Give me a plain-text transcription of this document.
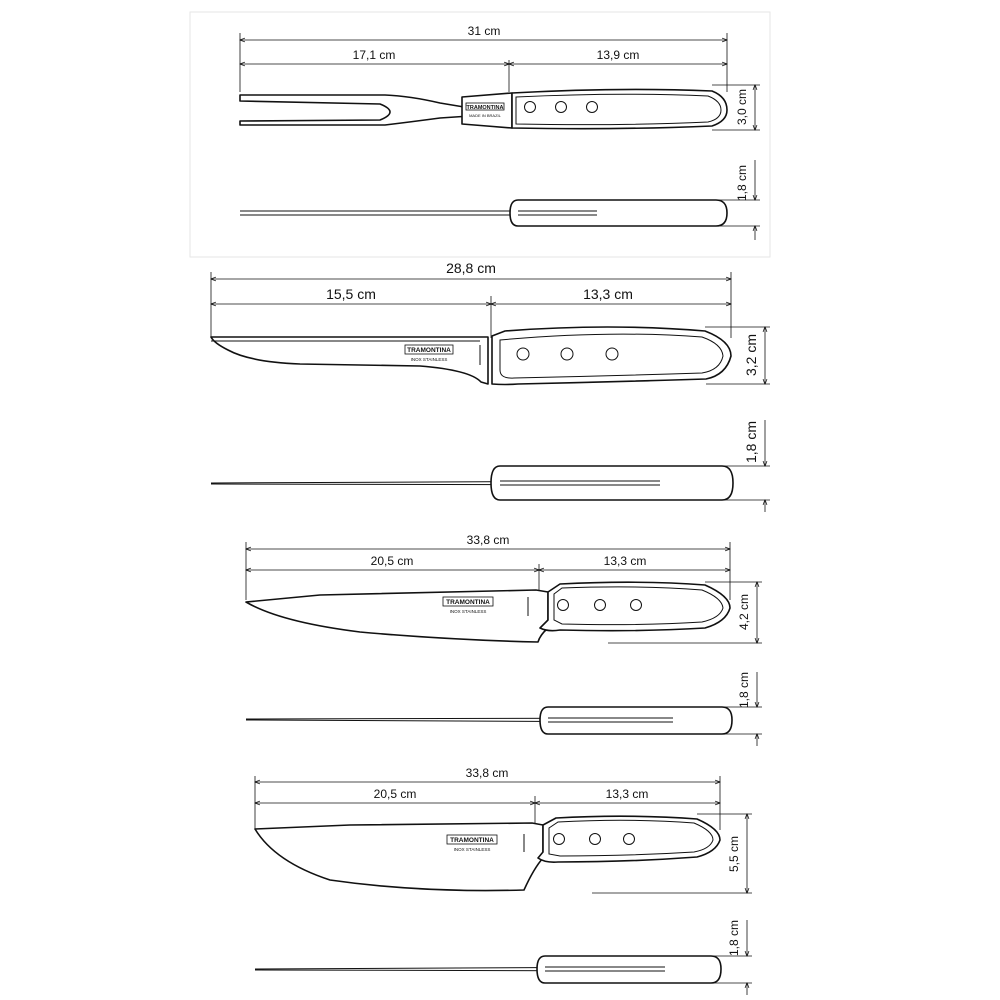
31 cm
17,1 cm	13,9 cm
TRAMONTINA
MADE IN BRAZIL	3,0 cm
1,8 cm
28,8 cm
15,5 cm	13,3 cm
TRAMONTINA
INOX STAINLESS	3,2 cm
1,8 cm
33,8 cm
20,5 cm	13,3 cm
TRAMONTINA
INOX STAINLESS	4,2 cm
1,8 cm
33,8 cm
20,5 cm	13,3 cm
TRAMONTINA
INOX STAINLESS	5,5 cm
1,8 cm
